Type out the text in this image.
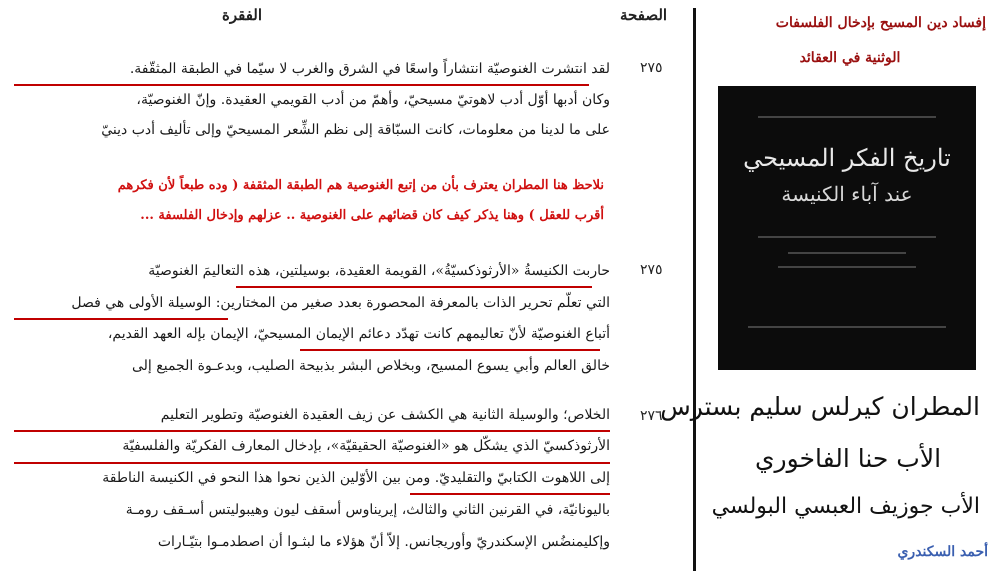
الفقرة	الصفحة
٢٧٥
لقد انتشرت الغنوصيّة انتشاراً واسعًا في الشرق والغرب لا سيّما في الطبقة المثقّفة.
وكان أدبها أوّل أدب لاهوتيّ مسيحيّ، وأهمّ من أدب القويمي العقيدة. وإنّ الغنوصيّة،
على ما لدينا من معلومات، كانت السبّاقة إلى نظم الشِّعر المسيحيّ وإلى تأليف أدب دينيّ
نلاحظ هنا المطران يعترف بأن من إتبع الغنوصية هم الطبقة المثقفة ( وده طبعاً لأن فكرهم
أقرب للعقل ) وهنا يذكر كيف كان قضائهم على الغنوصية .. عزلهم وإدخال الفلسفة ...
٢٧٥
حاربت الكنيسةُ «الأرثوذكسيّةُ»، القويمة العقيدة، بوسيلتين، هذه التعاليمَ الغنوصيّة
التي تعلّم تحرير الذات بالمعرفة المحصورة بعدد صغير من المختارين: الوسيلة الأولى هي فصل
أتباع الغنوصيّة لأنّ تعاليمهم كانت تهدّد دعائم الإيمان المسيحيّ، الإيمان بإله العهد القديم،
خالق العالم وأبي يسوع المسيح، وبخلاص البشر بذبيحة الصليب، وبدعـوة الجميع إلى
٢٧٦
الخلاص؛ والوسيلة الثانية هي الكشف عن زيف العقيدة الغنوصيّة وتطوير التعليم
الأرثوذكسيّ الذي يشكّل هو «الغنوصيّة الحقيقيّة»، بإدخال المعارف الفكريّة والفلسفيّة
إلى اللاهوت الكتابيّ والتقليديّ. ومن بين الأوّلين الذين نحوا هذا النحو في الكنيسة الناطقة
باليونانيّة، في القرنين الثاني والثالث، إيريناوس أسقف ليون وهيبوليتس أسـقف رومـة
وإكليمنضُس الإسكندريّ وأوريجانس. إلاّ أنّ هؤلاء ما لبثـوا أن اصطدمـوا بتيّـارات
إفساد دين المسيح بإدخال الفلسفات
الوثنية في العقائد
تاريخ الفكر المسيحي
عند آباء الكنيسة
المطران كيرلس سليم بسترس
الأب حنا الفاخوري
الأب جوزيف العبسي البولسي
أحمد السكندري
